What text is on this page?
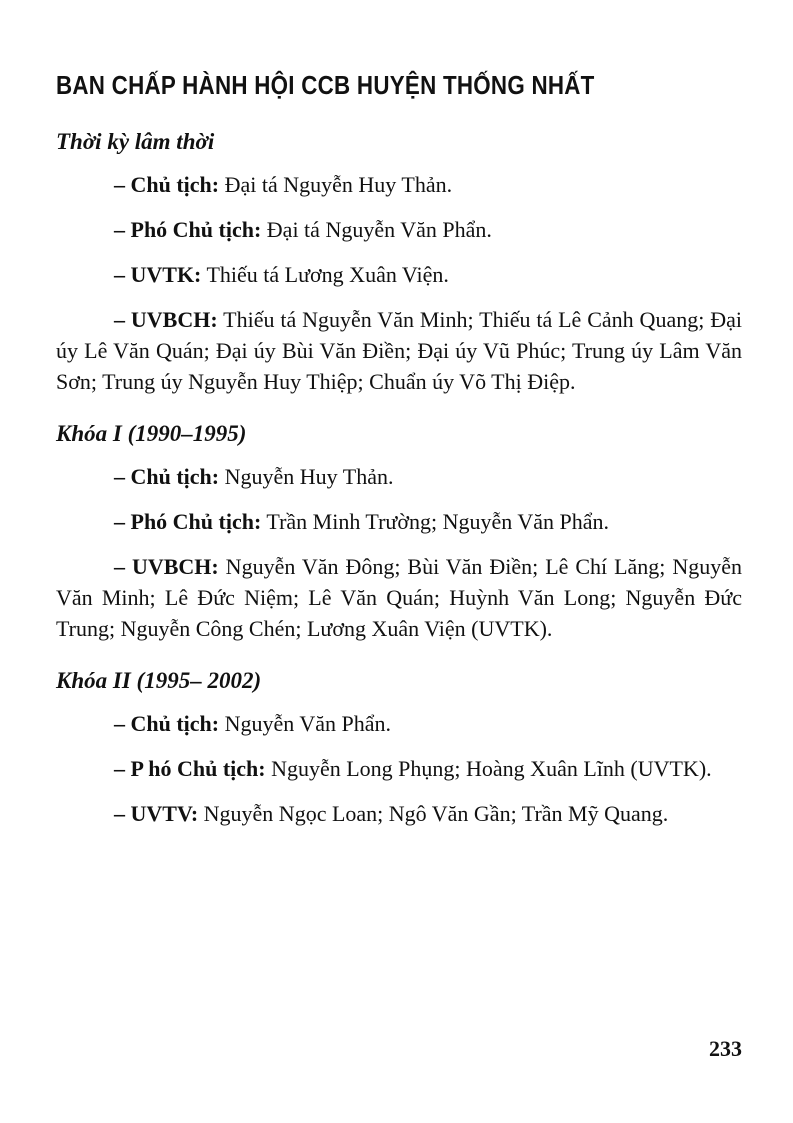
BAN CHẤP HÀNH HỘI CCB HUYỆN THỐNG NHẤT
Thời kỳ lâm thời

– Chủ tịch: Đại tá Nguyễn Huy Thản.

– Phó Chủ tịch: Đại tá Nguyễn Văn Phẩn.

– UVTK: Thiếu tá Lương Xuân Viện.

– UVBCH: Thiếu tá Nguyễn Văn Minh; Thiếu tá Lê Cảnh Quang; Đại úy Lê Văn Quán; Đại úy Bùi Văn Điền; Đại úy Vũ Phúc; Trung úy Lâm Văn Sơn; Trung úy Nguyễn Huy Thiệp; Chuẩn úy Võ Thị Điệp.

Khóa I (1990–1995)

– Chủ tịch: Nguyễn Huy Thản.

– Phó Chủ tịch: Trần Minh Trường; Nguyễn Văn Phẩn.

– UVBCH: Nguyễn Văn Đông; Bùi Văn Điền; Lê Chí Lăng; Nguyễn Văn Minh; Lê Đức Niệm; Lê Văn Quán; Huỳnh Văn Long; Nguyễn Đức Trung; Nguyễn Công Chén; Lương Xuân Viện (UVTK).

Khóa II (1995– 2002)

– Chủ tịch: Nguyễn Văn Phẩn.

– P hó Chủ tịch: Nguyễn Long Phụng; Hoàng Xuân Lĩnh (UVTK).

– UVTV: Nguyễn Ngọc Loan; Ngô Văn Gần; Trần Mỹ Quang.

233
